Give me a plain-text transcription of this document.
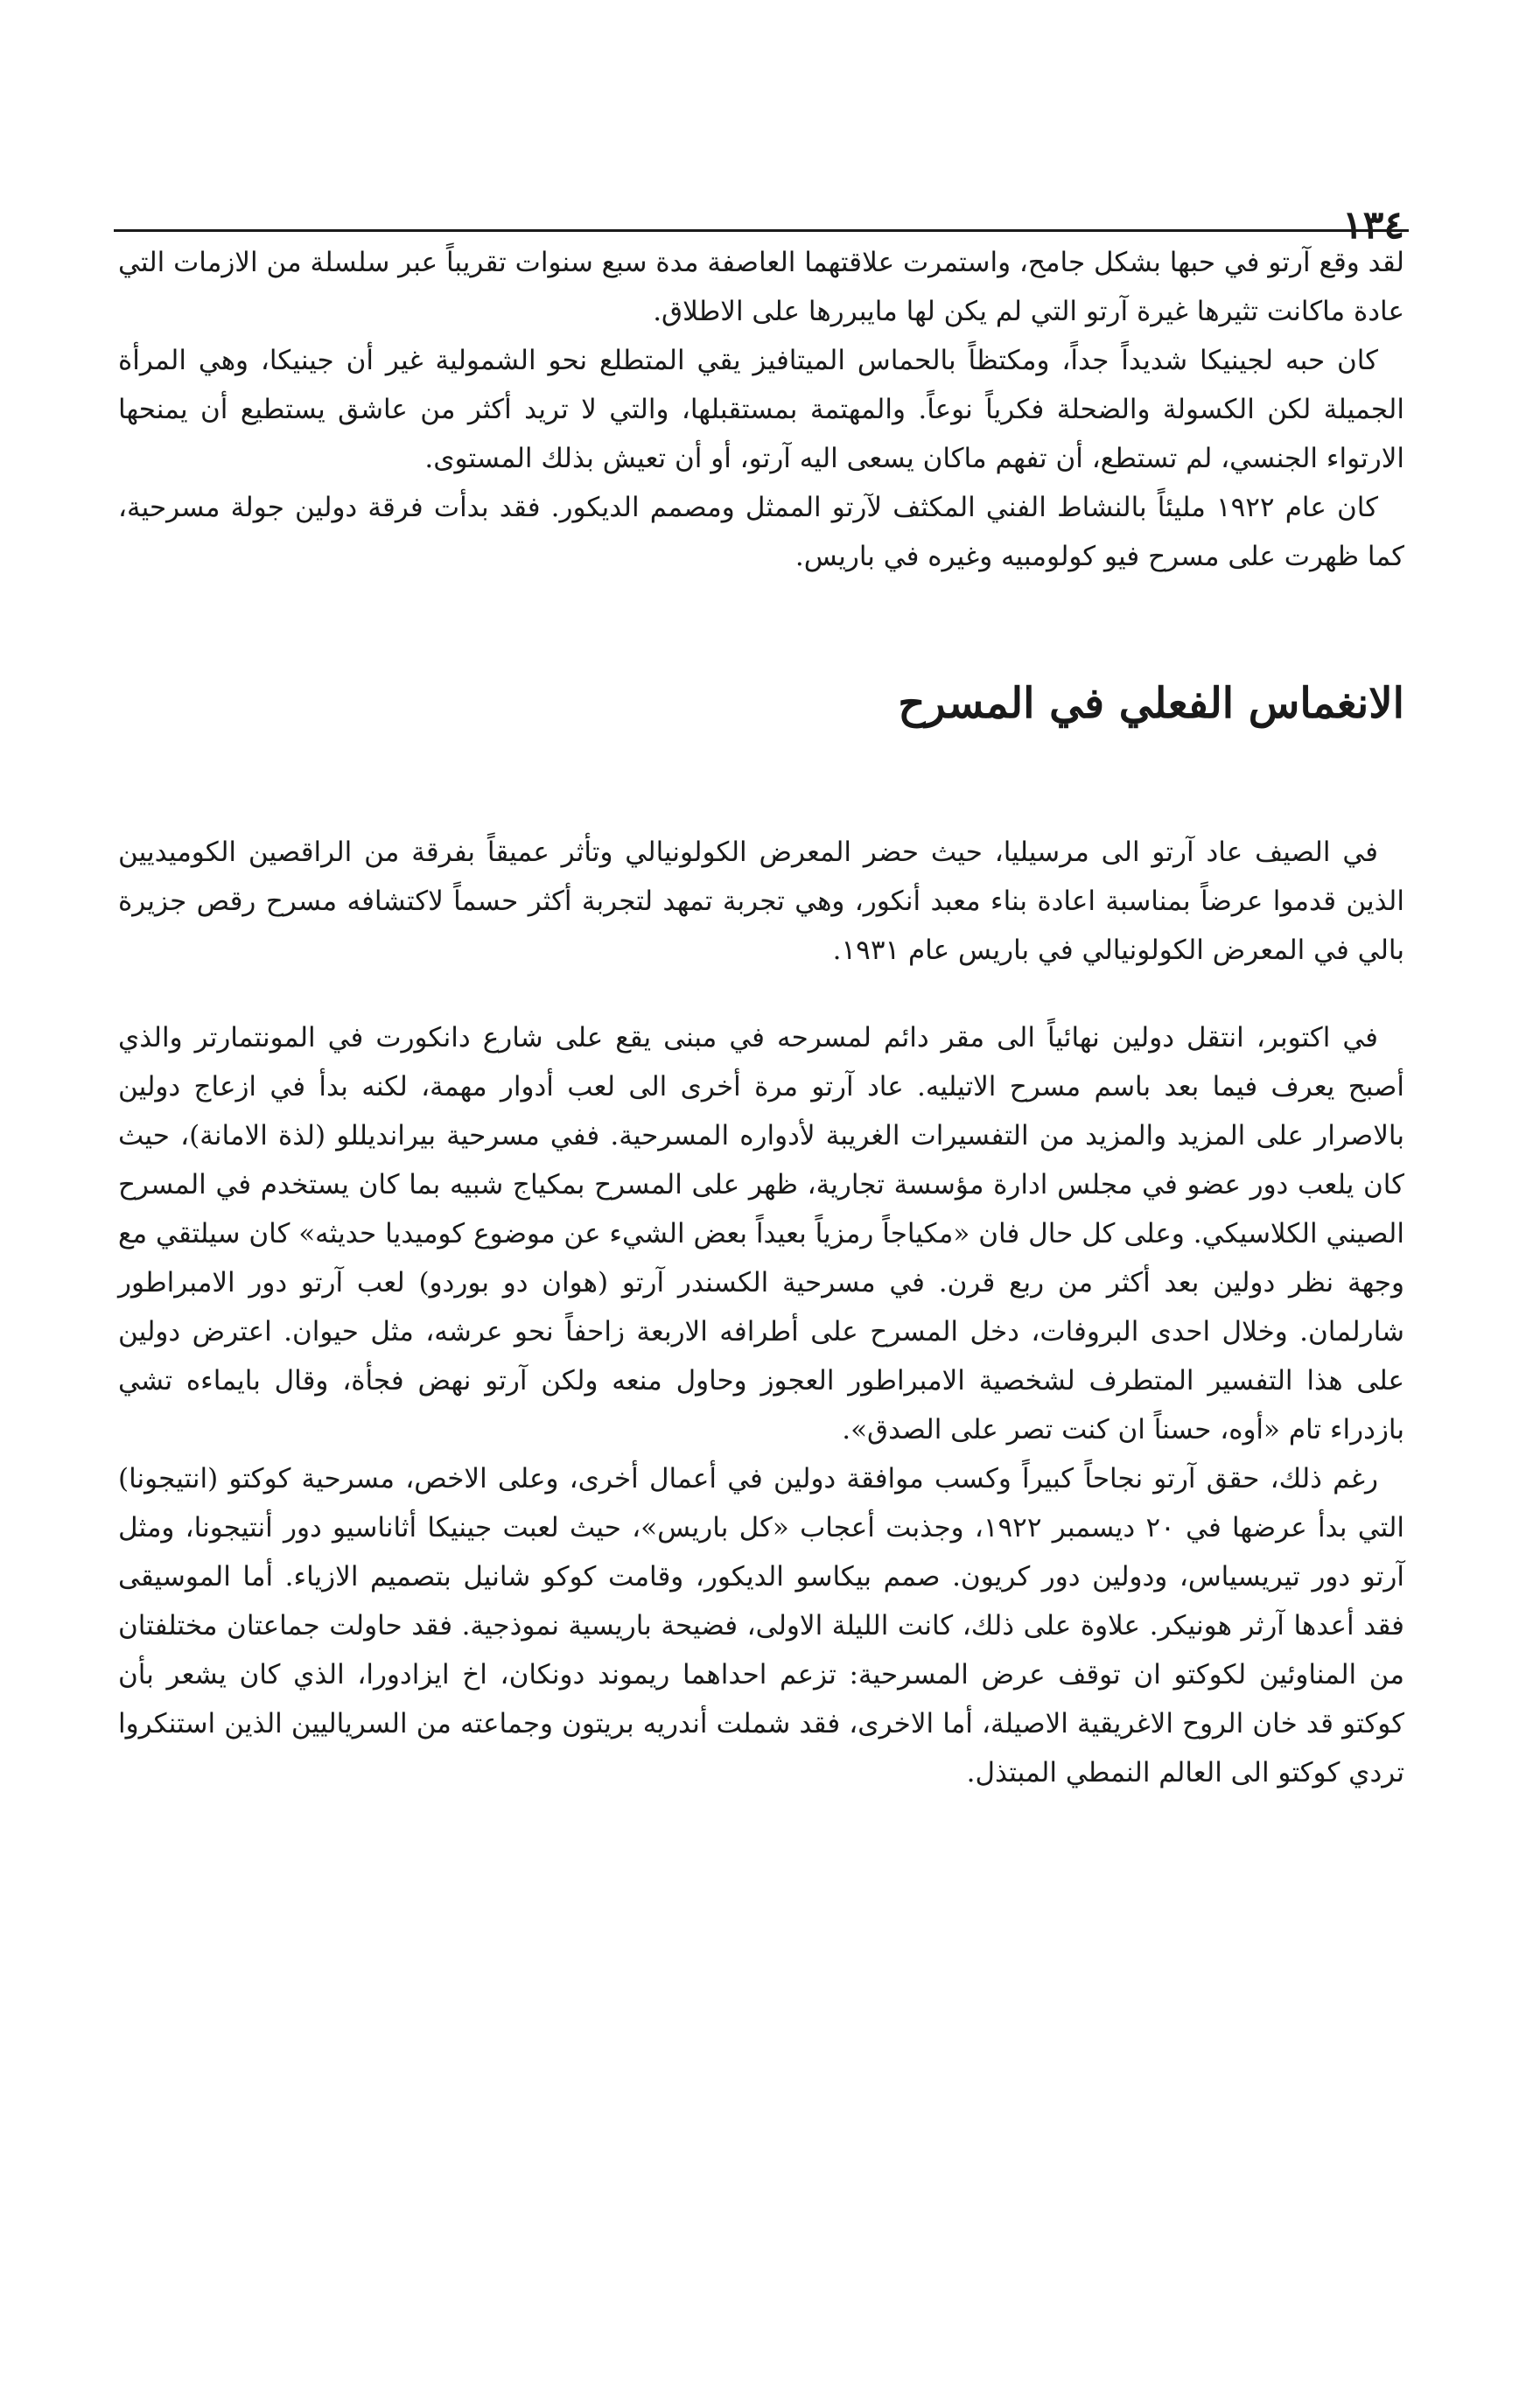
١٣٤

لقد وقع آرتو في حبها بشكل جامح، واستمرت علاقتهما العاصفة مدة سبع سنوات تقريباً عبر سلسلة من الازمات التي عادة ماكانت تثيرها غيرة آرتو التي لم يكن لها مايبررها على الاطلاق.

كان حبه لجينيكا شديداً جداً، ومكتظاً بالحماس الميتافيز يقي المتطلع نحو الشمولية غير أن جينيكا، وهي المرأة الجميلة لكن الكسولة والضحلة فكرياً نوعاً. والمهتمة بمستقبلها، والتي لا تريد أكثر من عاشق يستطيع أن يمنحها الارتواء الجنسي، لم تستطع، أن تفهم ماكان يسعى اليه آرتو، أو أن تعيش بذلك المستوى.

كان عام ١٩٢٢ مليئاً بالنشاط الفني المكثف لآرتو الممثل ومصمم الديكور. فقد بدأت فرقة دولين جولة مسرحية، كما ظهرت على مسرح فيو كولومبيه وغيره في باريس.

الانغماس الفعلي في المسرح

في الصيف عاد آرتو الى مرسيليا، حيث حضر المعرض الكولونيالي وتأثر عميقاً بفرقة من الراقصين الكوميديين الذين قدموا عرضاً بمناسبة اعادة بناء معبد أنكور، وهي تجربة تمهد لتجربة أكثر حسماً لاكتشافه مسرح رقص جزيرة بالي في المعرض الكولونيالي في باريس عام ١٩٣١.

في اكتوبر، انتقل دولين نهائياً الى مقر دائم لمسرحه في مبنى يقع على شارع دانكورت في المونتمارتر والذي أصبح يعرف فيما بعد باسم مسرح الاتيليه. عاد آرتو مرة أخرى الى لعب أدوار مهمة، لكنه بدأ في ازعاج دولين بالاصرار على المزيد والمزيد من التفسيرات الغريبة لأدواره المسرحية. ففي مسرحية بيرانديللو (لذة الامانة)، حيث كان يلعب دور عضو في مجلس ادارة مؤسسة تجارية، ظهر على المسرح بمكياج شبيه بما كان يستخدم في المسرح الصيني الكلاسيكي. وعلى كل حال فان «مكياجاً رمزياً بعيداً بعض الشيء عن موضوع كوميديا حديثه» كان سيلتقي مع وجهة نظر دولين بعد أكثر من ربع قرن. في مسرحية الكسندر آرتو (هوان دو بوردو) لعب آرتو دور الامبراطور شارلمان. وخلال احدى البروفات، دخل المسرح على أطرافه الاربعة زاحفاً نحو عرشه، مثل حيوان. اعترض دولين على هذا التفسير المتطرف لشخصية الامبراطور العجوز وحاول منعه ولكن آرتو نهض فجأة، وقال بايماءه تشي بازدراء تام «أوه، حسناً ان كنت تصر على الصدق».

رغم ذلك، حقق آرتو نجاحاً كبيراً وكسب موافقة دولين في أعمال أخرى، وعلى الاخص، مسرحية كوكتو (انتيجونا) التي بدأ عرضها في ٢٠ ديسمبر ١٩٢٢، وجذبت أعجاب «كل باريس»، حيث لعبت جينيكا أثاناسيو دور أنتيجونا، ومثل آرتو دور تيريسياس، ودولين دور كريون. صمم بيكاسو الديكور، وقامت كوكو شانيل بتصميم الازياء. أما الموسيقى فقد أعدها آرثر هونيكر. علاوة على ذلك، كانت الليلة الاولى، فضيحة باريسية نموذجية. فقد حاولت جماعتان مختلفتان من المناوئين لكوكتو ان توقف عرض المسرحية: تزعم احداهما ريموند دونكان، اخ ايزادورا، الذي كان يشعر بأن كوكتو قد خان الروح الاغريقية الاصيلة، أما الاخرى، فقد شملت أندريه بريتون وجماعته من السرياليين الذين استنكروا تردي كوكتو الى العالم النمطي المبتذل.
